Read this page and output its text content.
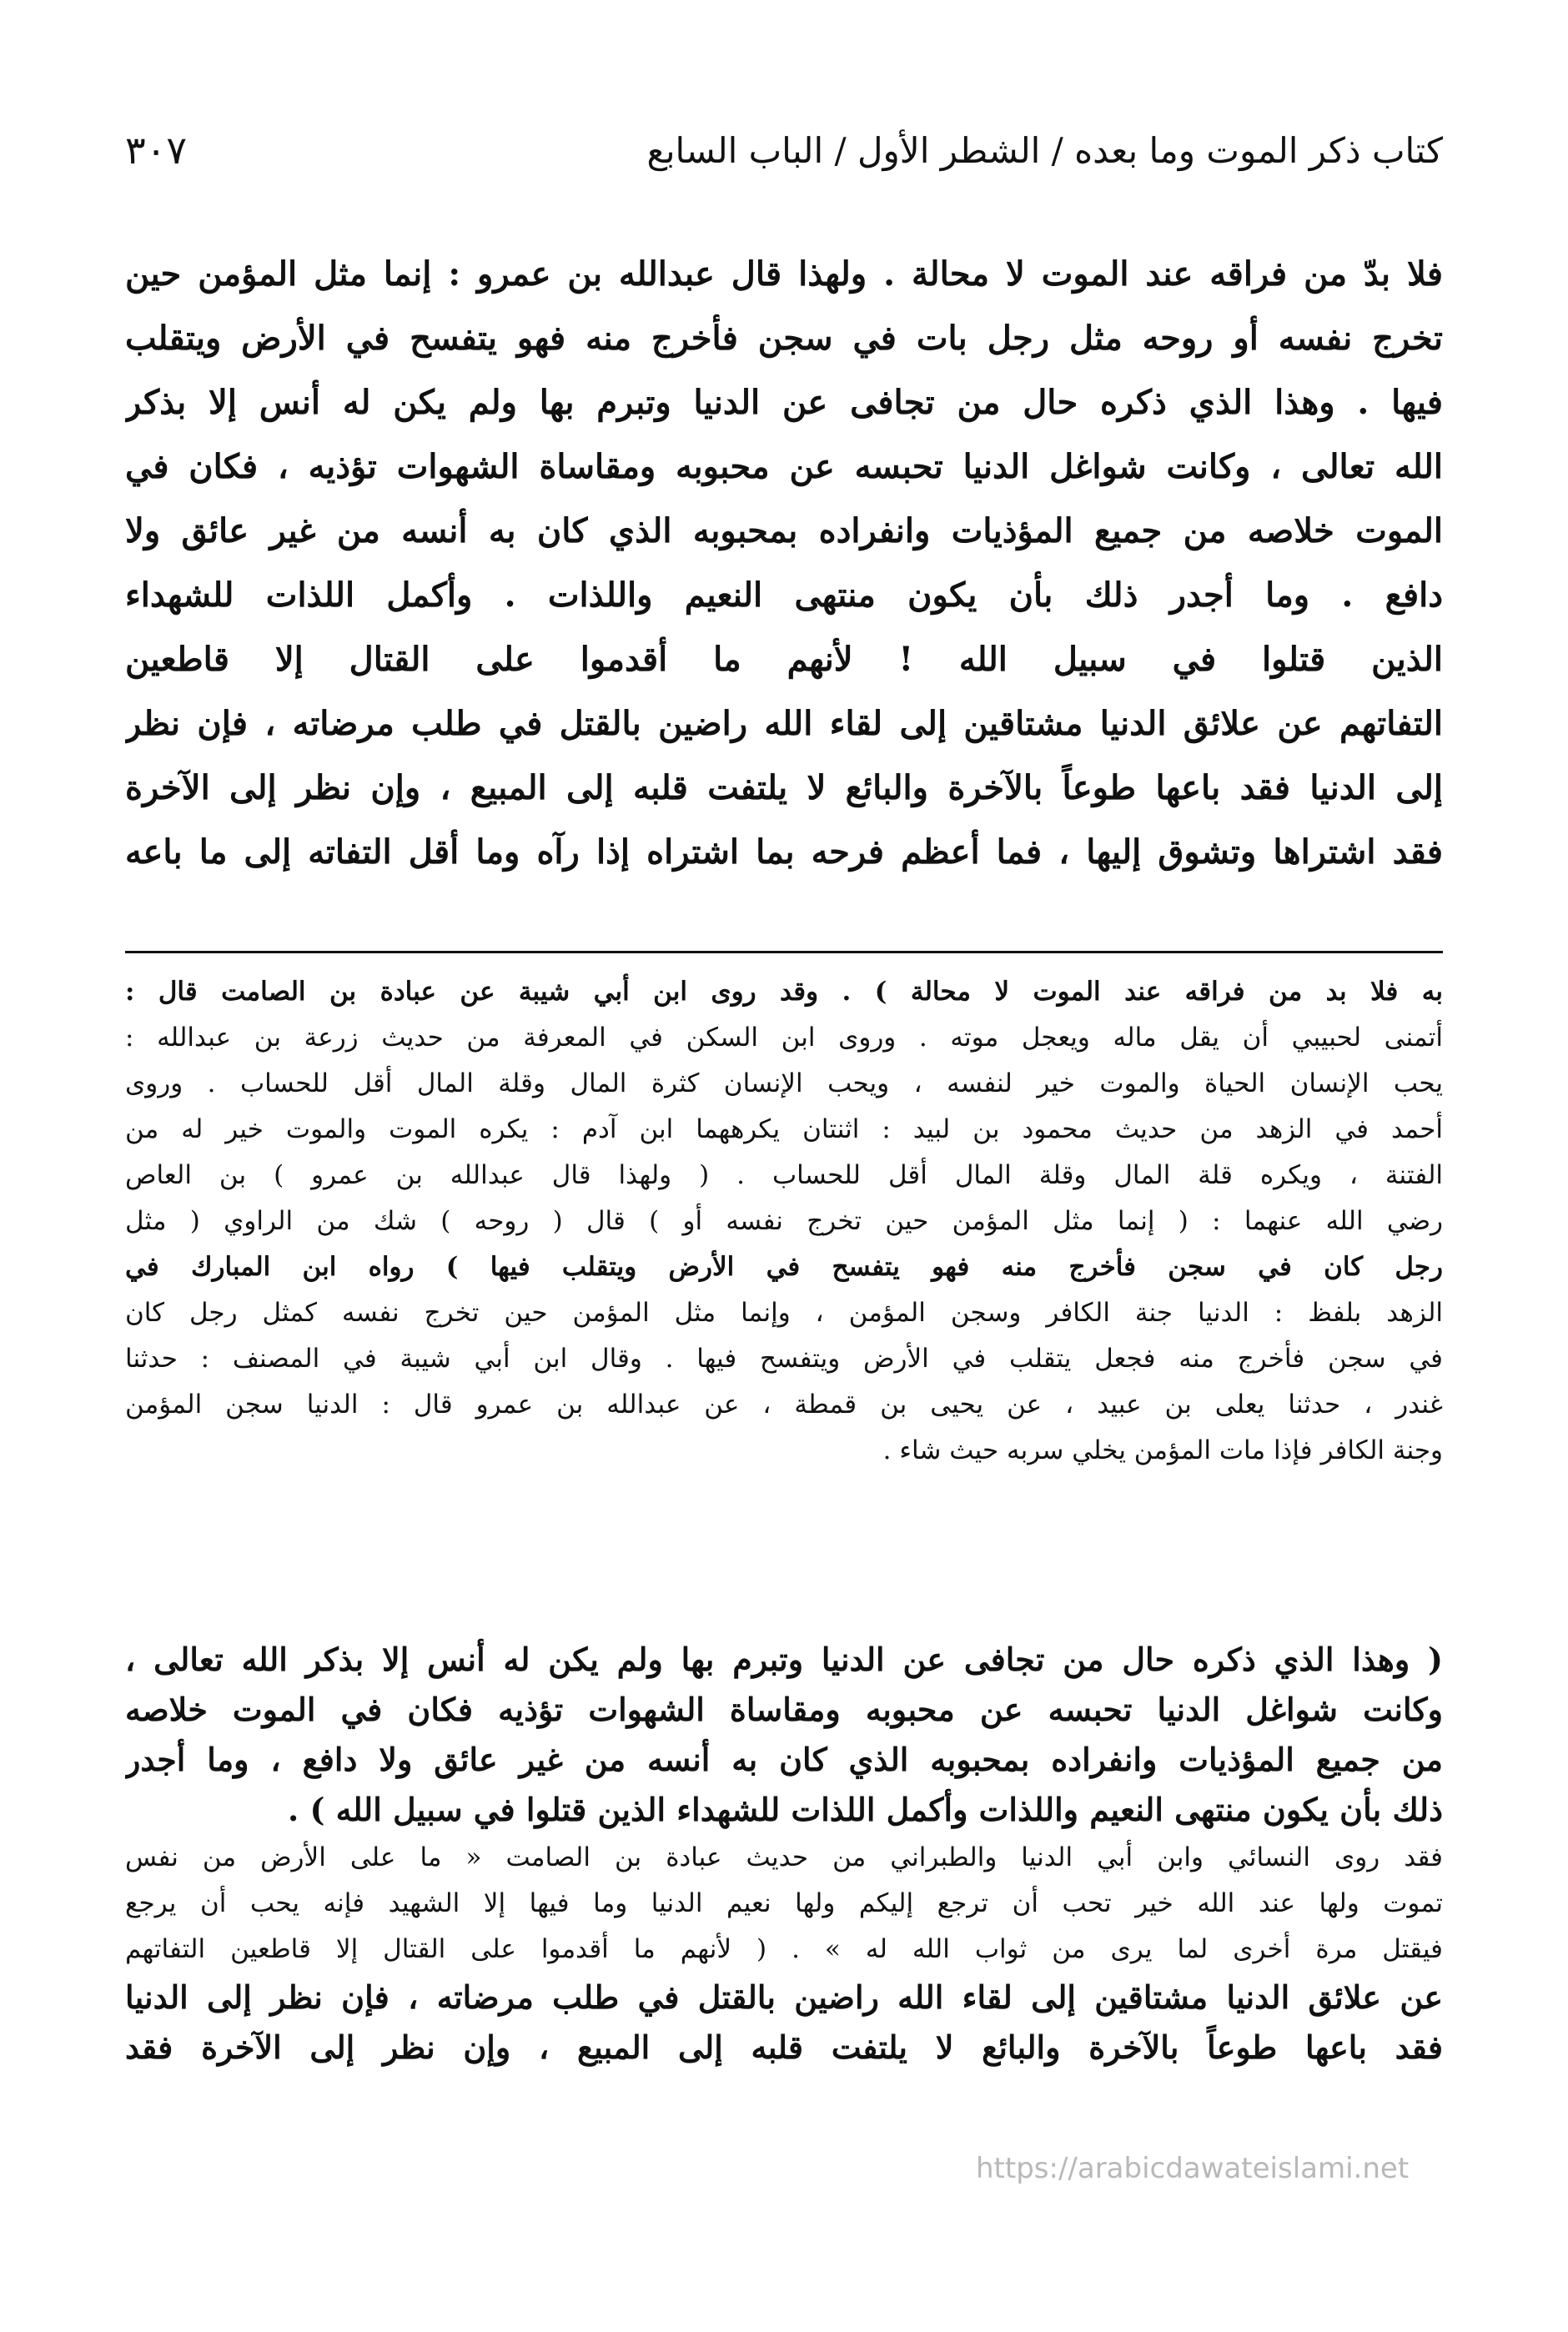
كتاب ذكر الموت وما بعده / الشطر الأول / الباب السابع
٣٠٧
فلا بدّ من فراقه عند الموت لا محالة . ولهذا قال عبدالله بن عمرو : إنما مثل المؤمن حين
تخرج نفسه أو روحه مثل رجل بات في سجن فأخرج منه فهو يتفسح في الأرض ويتقلب
فيها . وهذا الذي ذكره حال من تجافى عن الدنيا وتبرم بها ولم يكن له أنس إلا بذكر
الله تعالى ، وكانت شواغل الدنيا تحبسه عن محبوبه ومقاساة الشهوات تؤذيه ، فكان في
الموت خلاصه من جميع المؤذيات وانفراده بمحبوبه الذي كان به أنسه من غير عائق ولا
دافع . وما أجدر ذلك بأن يكون منتهى النعيم واللذات . وأكمل اللذات للشهداء
الذين قتلوا في سبيل الله ! لأنهم ما أقدموا على القتال إلا قاطعين
التفاتهم عن علائق الدنيا مشتاقين إلى لقاء الله راضين بالقتل في طلب مرضاته ، فإن نظر
إلى الدنيا فقد باعها طوعاً بالآخرة والبائع لا يلتفت قلبه إلى المبيع ، وإن نظر إلى الآخرة
فقد اشتراها وتشوق إليها ، فما أعظم فرحه بما اشتراه إذا رآه وما أقل التفاته إلى ما باعه
به فلا بد من فراقه عند الموت لا محالة ) . وقد روى ابن أبي شيبة عن عبادة بن الصامت قال :
أتمنى لحبيبي أن يقل ماله ويعجل موته . وروى ابن السكن في المعرفة من حديث زرعة بن عبدالله :
يحب الإنسان الحياة والموت خير لنفسه ، ويحب الإنسان كثرة المال وقلة المال أقل للحساب . وروى
أحمد في الزهد من حديث محمود بن لبيد : اثنتان يكرههما ابن آدم : يكره الموت والموت خير له من
الفتنة ، ويكره قلة المال وقلة المال أقل للحساب . ( ولهذا قال عبدالله بن عمرو ) بن العاص
رضي الله عنهما : ( إنما مثل المؤمن حين تخرج نفسه أو ) قال ( روحه ) شك من الراوي ( مثل
رجل كان في سجن فأخرج منه فهو يتفسح في الأرض ويتقلب فيها ) رواه ابن المبارك في
الزهد بلفظ : الدنيا جنة الكافر وسجن المؤمن ، وإنما مثل المؤمن حين تخرج نفسه كمثل رجل كان
في سجن فأخرج منه فجعل يتقلب في الأرض ويتفسح فيها . وقال ابن أبي شيبة في المصنف : حدثنا
غندر ، حدثنا يعلى بن عبيد ، عن يحيى بن قمطة ، عن عبدالله بن عمرو قال : الدنيا سجن المؤمن
وجنة الكافر فإذا مات المؤمن يخلي سربه حيث شاء .
( وهذا الذي ذكره حال من تجافى عن الدنيا وتبرم بها ولم يكن له أنس إلا بذكر الله تعالى ،
وكانت شواغل الدنيا تحبسه عن محبوبه ومقاساة الشهوات تؤذيه فكان في الموت خلاصه
من جميع المؤذيات وانفراده بمحبوبه الذي كان به أنسه من غير عائق ولا دافع ، وما أجدر
ذلك بأن يكون منتهى النعيم واللذات وأكمل اللذات للشهداء الذين قتلوا في سبيل الله ) .
فقد روى النسائي وابن أبي الدنيا والطبراني من حديث عبادة بن الصامت « ما على الأرض من نفس
تموت ولها عند الله خير تحب أن ترجع إليكم ولها نعيم الدنيا وما فيها إلا الشهيد فإنه يحب أن يرجع
فيقتل مرة أخرى لما يرى من ثواب الله له » . ( لأنهم ما أقدموا على القتال إلا قاطعين التفاتهم
عن علائق الدنيا مشتاقين إلى لقاء الله راضين بالقتل في طلب مرضاته ، فإن نظر إلى الدنيا
فقد باعها طوعاً بالآخرة والبائع لا يلتفت قلبه إلى المبيع ، وإن نظر إلى الآخرة فقد
https://arabicdawateislami.net
